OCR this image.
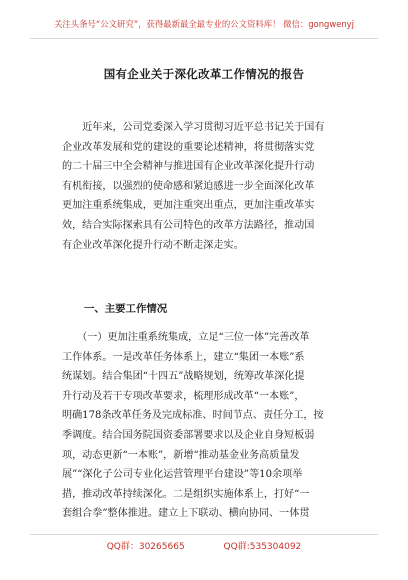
关注头条号“公文研究”，获得最新最全最专业的公文资料库！ 微信：gongwenyj
国有企业关于深化改革工作情况的报告
　　近年来，公司党委深入学习贯彻习近平总书记关于国有
企业改革发展和党的建设的重要论述精神，将贯彻落实党
的二十届三中全会精神与推进国有企业改革深化提升行动
有机衔接，以强烈的使命感和紧迫感进一步全面深化改革
更加注重系统集成，更加注重突出重点，更加注重改革实
效，结合实际探索具有公司特色的改革方法路径，推动国
有企业改革深化提升行动不断走深走实。
一、主要工作情况
　　（一）更加注重系统集成，立足“三位一体”完善改革
工作体系。一是改革任务体系上，建立“集团一本账”系
统谋划。结合集团“十四五”战略规划，统筹改革深化提
升行动及若干专项改革要求，梳理形成改革“一本账”，
明确178条改革任务及完成标准、时间节点、责任分工，按
季调度。结合国务院国资委部署要求以及企业自身短板弱
项，动态更新“一本账”，新增“推动基金业务高质量发
展”“深化子公司专业化运营管理平台建设”等10余项举
措，推动改革持续深化。二是组织实施体系上，打好“一
套组合拳”整体推进。建立上下联动、横向协同、一体贯
QQ群：30265665	QQ群:535304092
